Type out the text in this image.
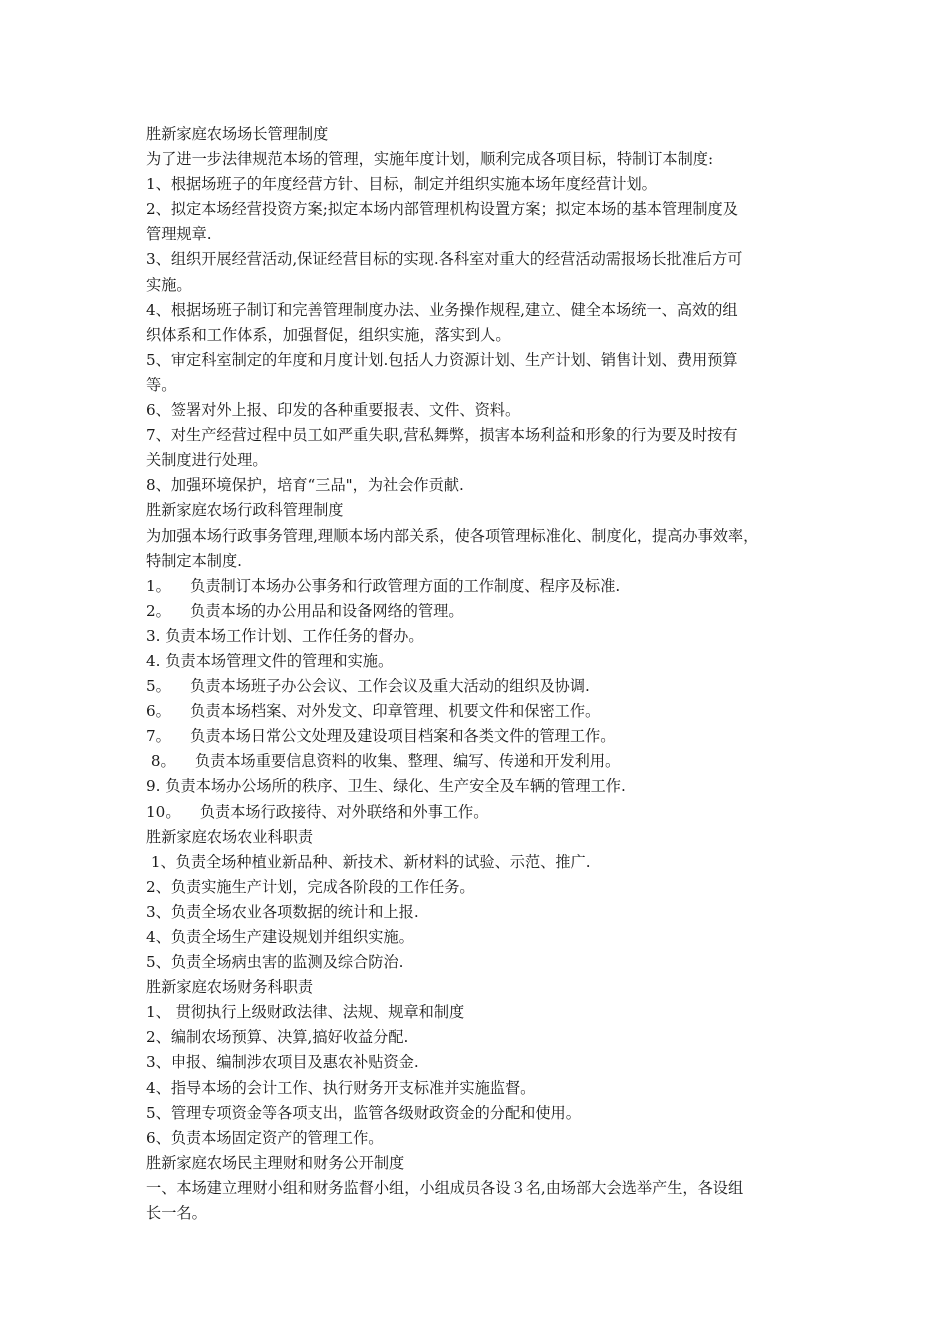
胜新家庭农场场长管理制度
为了进一步法律规范本场的管理，实施年度计划，顺利完成各项目标，特制订本制度:
1、根据场班子的年度经营方针、目标，制定并组织实施本场年度经营计划。
2、拟定本场经营投资方案;拟定本场内部管理机构设置方案；拟定本场的基本管理制度及
管理规章.
3、组织开展经营活动,保证经营目标的实现.各科室对重大的经营活动需报场长批准后方可
实施。
4、根据场班子制订和完善管理制度办法、业务操作规程,建立、健全本场统一、高效的组
织体系和工作体系，加强督促，组织实施，落实到人。
5、审定科室制定的年度和月度计划.包括人力资源计划、生产计划、销售计划、费用预算
等。
6、签署对外上报、印发的各种重要报表、文件、资料。
7、对生产经营过程中员工如严重失职,营私舞弊，损害本场利益和形象的行为要及时按有
关制度进行处理。
8、加强环境保护，培育“三品"，为社会作贡献.
胜新家庭农场行政科管理制度
为加强本场行政事务管理,理顺本场内部关系，使各项管理标准化、制度化，提高办事效率，
特制定本制度.
1。    负责制订本场办公事务和行政管理方面的工作制度、程序及标准.
2。    负责本场的办公用品和设备网络的管理。
3. 负责本场工作计划、工作任务的督办。
4. 负责本场管理文件的管理和实施。
5。    负责本场班子办公会议、工作会议及重大活动的组织及协调.
6。    负责本场档案、对外发文、印章管理、机要文件和保密工作。
7。    负责本场日常公文处理及建设项目档案和各类文件的管理工作。
8。    负责本场重要信息资料的收集、整理、编写、传递和开发利用。
9. 负责本场办公场所的秩序、卫生、绿化、生产安全及车辆的管理工作.
10。    负责本场行政接待、对外联络和外事工作。
胜新家庭农场农业科职责
1、负责全场种植业新品种、新技术、新材料的试验、示范、推广.
2、负责实施生产计划，完成各阶段的工作任务。
3、负责全场农业各项数据的统计和上报.
4、负责全场生产建设规划并组织实施。
5、负责全场病虫害的监测及综合防治.
胜新家庭农场财务科职责
1、 贯彻执行上级财政法律、法规、规章和制度
2、编制农场预算、决算,搞好收益分配.
3、申报、编制涉农项目及惠农补贴资金.
4、指导本场的会计工作、执行财务开支标准并实施监督。
5、管理专项资金等各项支出，监管各级财政资金的分配和使用。
6、负责本场固定资产的管理工作。
胜新家庭农场民主理财和财务公开制度
一、本场建立理财小组和财务监督小组，小组成员各设３名,由场部大会选举产生，各设组
长一名。
